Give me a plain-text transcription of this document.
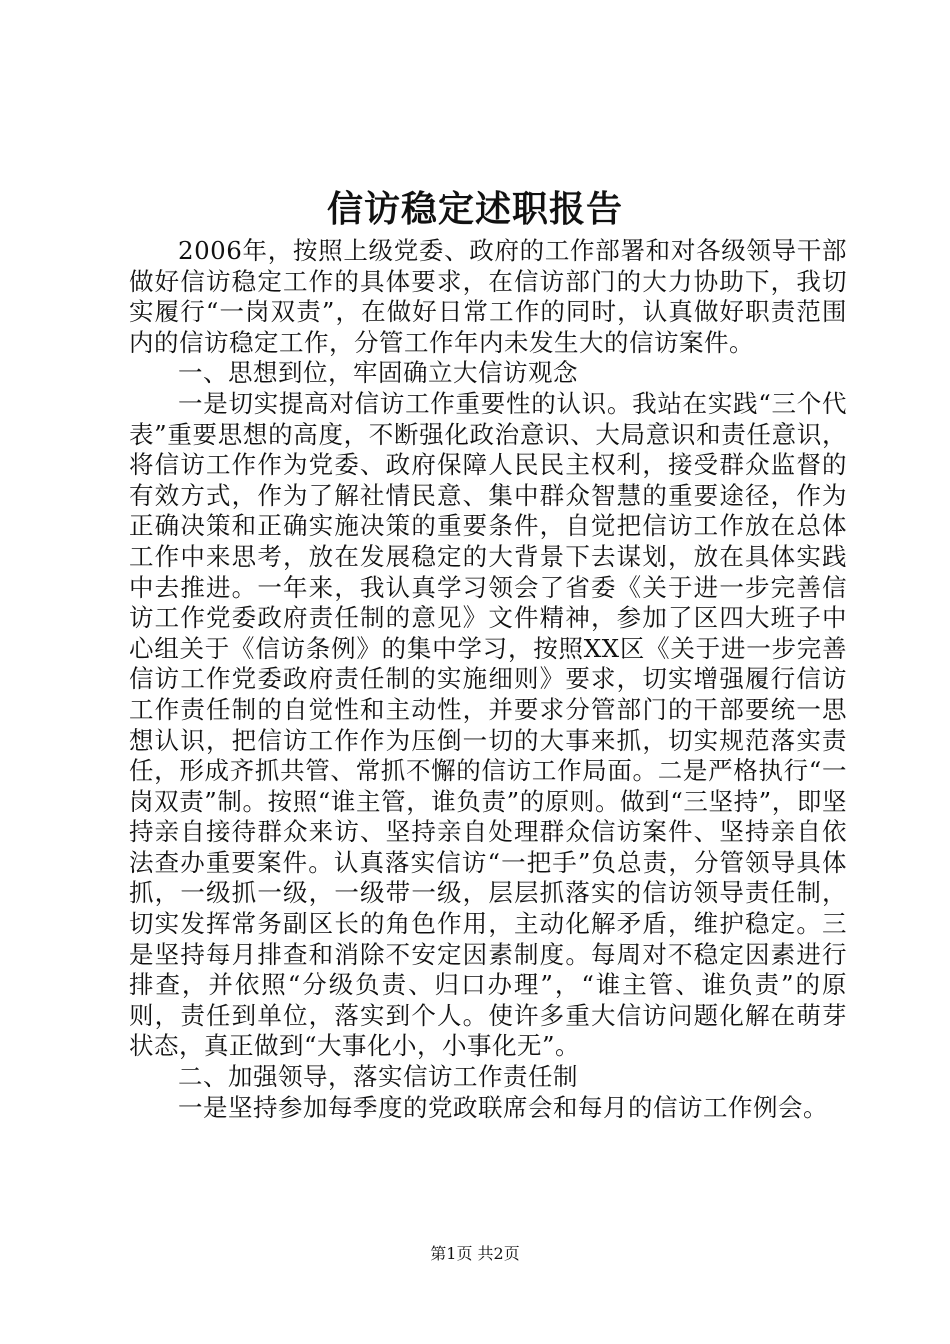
信访稳定述职报告

2006年，按照上级党委、政府的工作部署和对各级领导干部做好信访稳定工作的具体要求，在信访部门的大力协助下，我切实履行“一岗双责”，在做好日常工作的同时，认真做好职责范围内的信访稳定工作，分管工作年内未发生大的信访案件。

一、思想到位，牢固确立大信访观念

一是切实提高对信访工作重要性的认识。我站在实践“三个代表”重要思想的高度，不断强化政治意识、大局意识和责任意识，将信访工作作为党委、政府保障人民民主权利，接受群众监督的有效方式，作为了解社情民意、集中群众智慧的重要途径，作为正确决策和正确实施决策的重要条件，自觉把信访工作放在总体工作中来思考，放在发展稳定的大背景下去谋划，放在具体实践中去推进。一年来，我认真学习领会了省委《关于进一步完善信访工作党委政府责任制的意见》文件精神，参加了区四大班子中心组关于《信访条例》的集中学习，按照XX区《关于进一步完善信访工作党委政府责任制的实施细则》要求，切实增强履行信访工作责任制的自觉性和主动性，并要求分管部门的干部要统一思想认识，把信访工作作为压倒一切的大事来抓，切实规范落实责任，形成齐抓共管、常抓不懈的信访工作局面。二是严格执行“一岗双责”制。按照“谁主管，谁负责”的原则。做到“三坚持”，即坚持亲自接待群众来访、坚持亲自处理群众信访案件、坚持亲自依法查办重要案件。认真落实信访“一把手”负总责，分管领导具体抓，一级抓一级，一级带一级，层层抓落实的信访领导责任制，切实发挥常务副区长的角色作用，主动化解矛盾，维护稳定。三是坚持每月排查和消除不安定因素制度。每周对不稳定因素进行排查，并依照“分级负责、归口办理”，“谁主管、谁负责”的原则，责任到单位，落实到个人。使许多重大信访问题化解在萌芽状态，真正做到“大事化小，小事化无”。

二、加强领导，落实信访工作责任制

一是坚持参加每季度的党政联席会和每月的信访工作例会。

第1页 共2页
